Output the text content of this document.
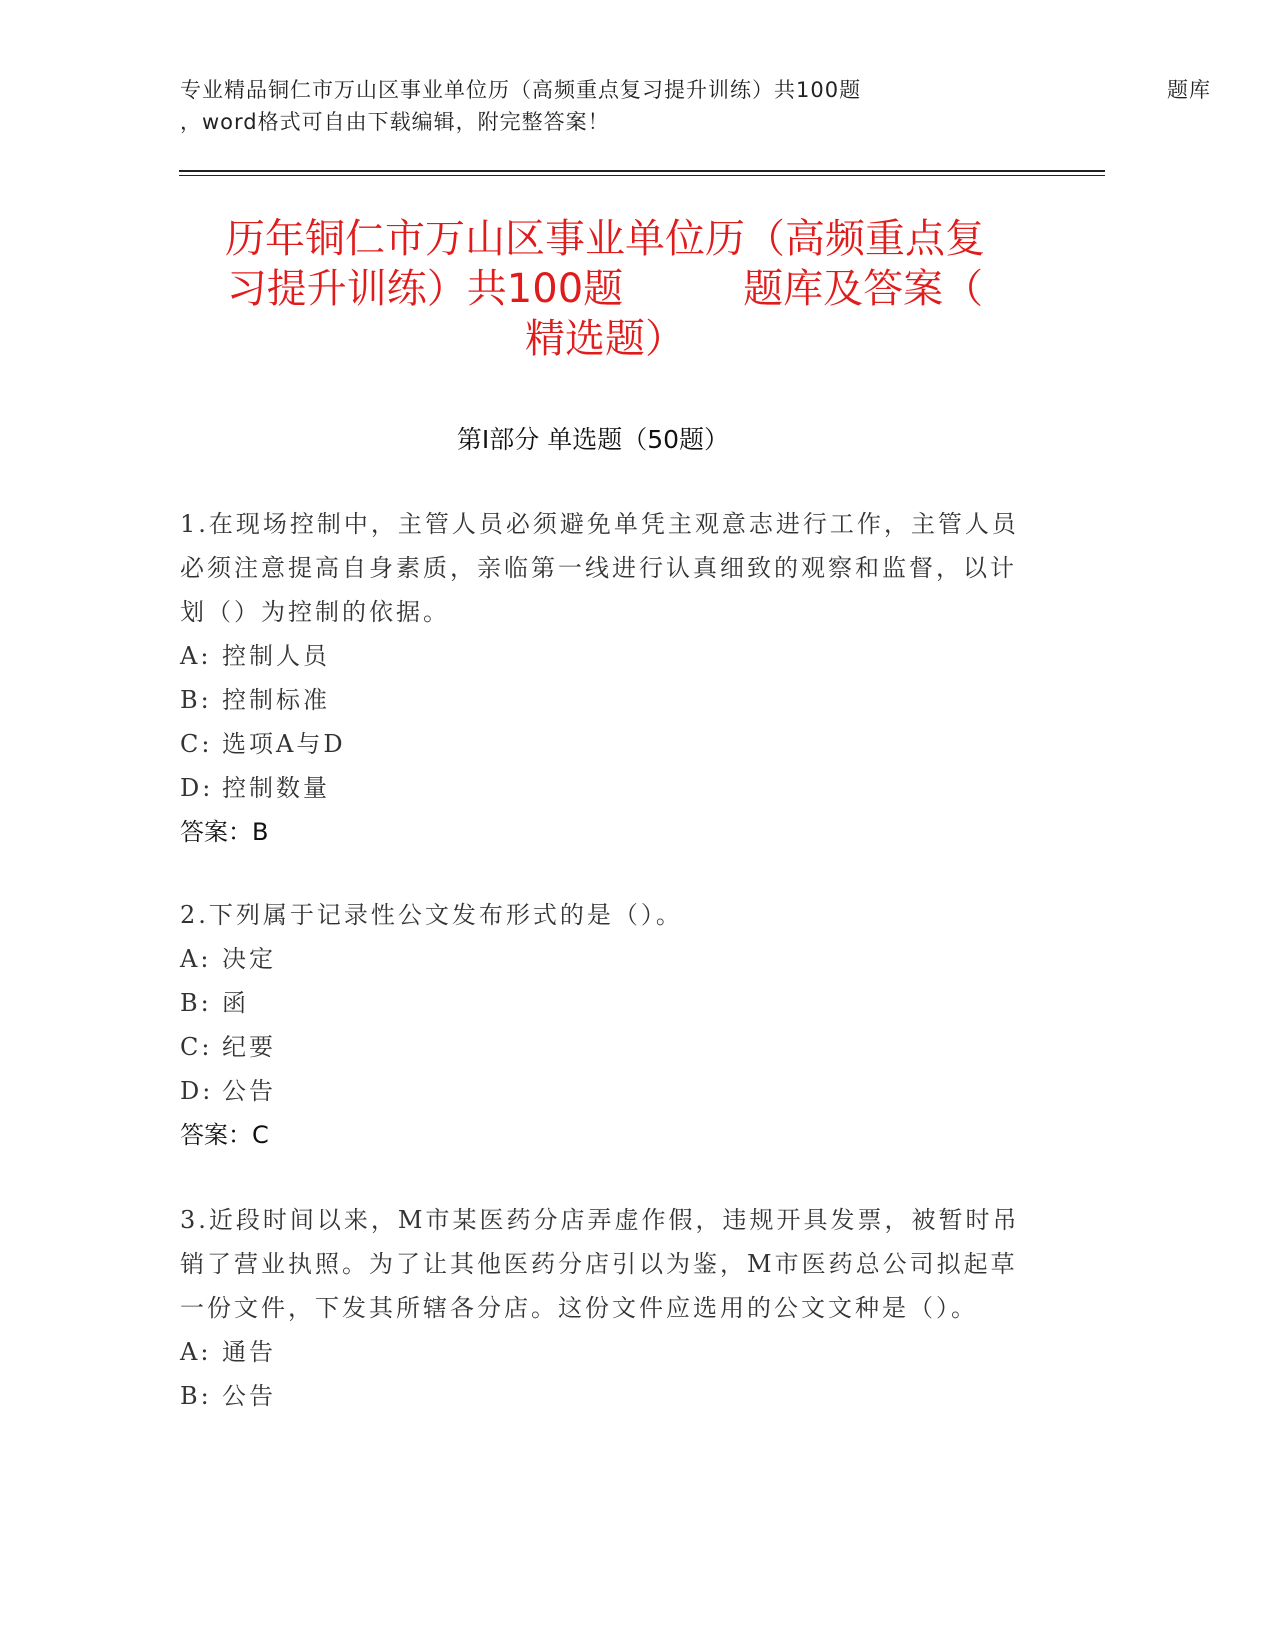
专业精品铜仁市万山区事业单位历（高频重点复习提升训练）共100题	题库
，word格式可自由下载编辑，附完整答案！
历年铜仁市万山区事业单位历（高频重点复
习提升训练）共100题　　　题库及答案（
精选题）
第Ⅰ部分 单选题（50题）

1.在现场控制中，主管人员必须避免单凭主观意志进行工作，主管人员必须注意提高自身素质，亲临第一线进行认真细致的观察和监督，以计划（）为控制的依据。

A: 控制人员

B: 控制标准

C: 选项A与D

D: 控制数量

答案：B

2.下列属于记录性公文发布形式的是（）。

A: 决定

B: 函

C: 纪要

D: 公告

答案：C

3.近段时间以来，M市某医药分店弄虚作假，违规开具发票，被暂时吊销了营业执照。为了让其他医药分店引以为鉴，M市医药总公司拟起草一份文件，下发其所辖各分店。这份文件应选用的公文文种是（）。

A: 通告

B: 公告
